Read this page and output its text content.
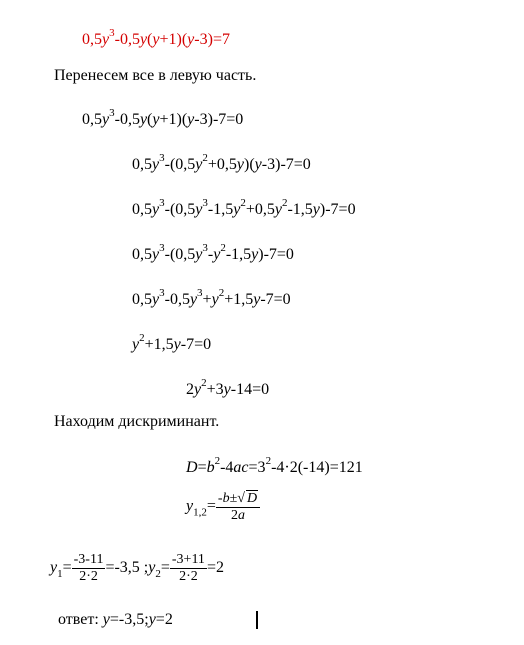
$0,5y^3-0,5y(y+1)(y-3)=7$
Перенесем все в левую часть.
$0,5y^3-0,5y(y+1)(y-3)-7=0$
$0,5y^3-(0,5y^2+0,5y)(y-3)-7=0$
$0,5y^3-(0,5y^3-1,5y^2+0,5y^2-1,5y)-7=0$
$0,5y^3-(0,5y^3-y^2-1,5y)-7=0$
$0,5y^3-0,5y^3+y^2+1,5y-7=0$
$y^2+1,5y-7=0$
$2y^2+3y-14=0$
Находим дискриминант.
$D=b^2-4ac=3^2-4\cdot 2(-14)=121$
$y_{1,2}= \frac{-b\pm√ D}{2a}$
$y_1= \frac{-3-11}{2\cdot 2} =-3,5$ $;y_2= \frac{-3+11}{2\cdot 2} =2$
ответ: y=-3,5;y=2
